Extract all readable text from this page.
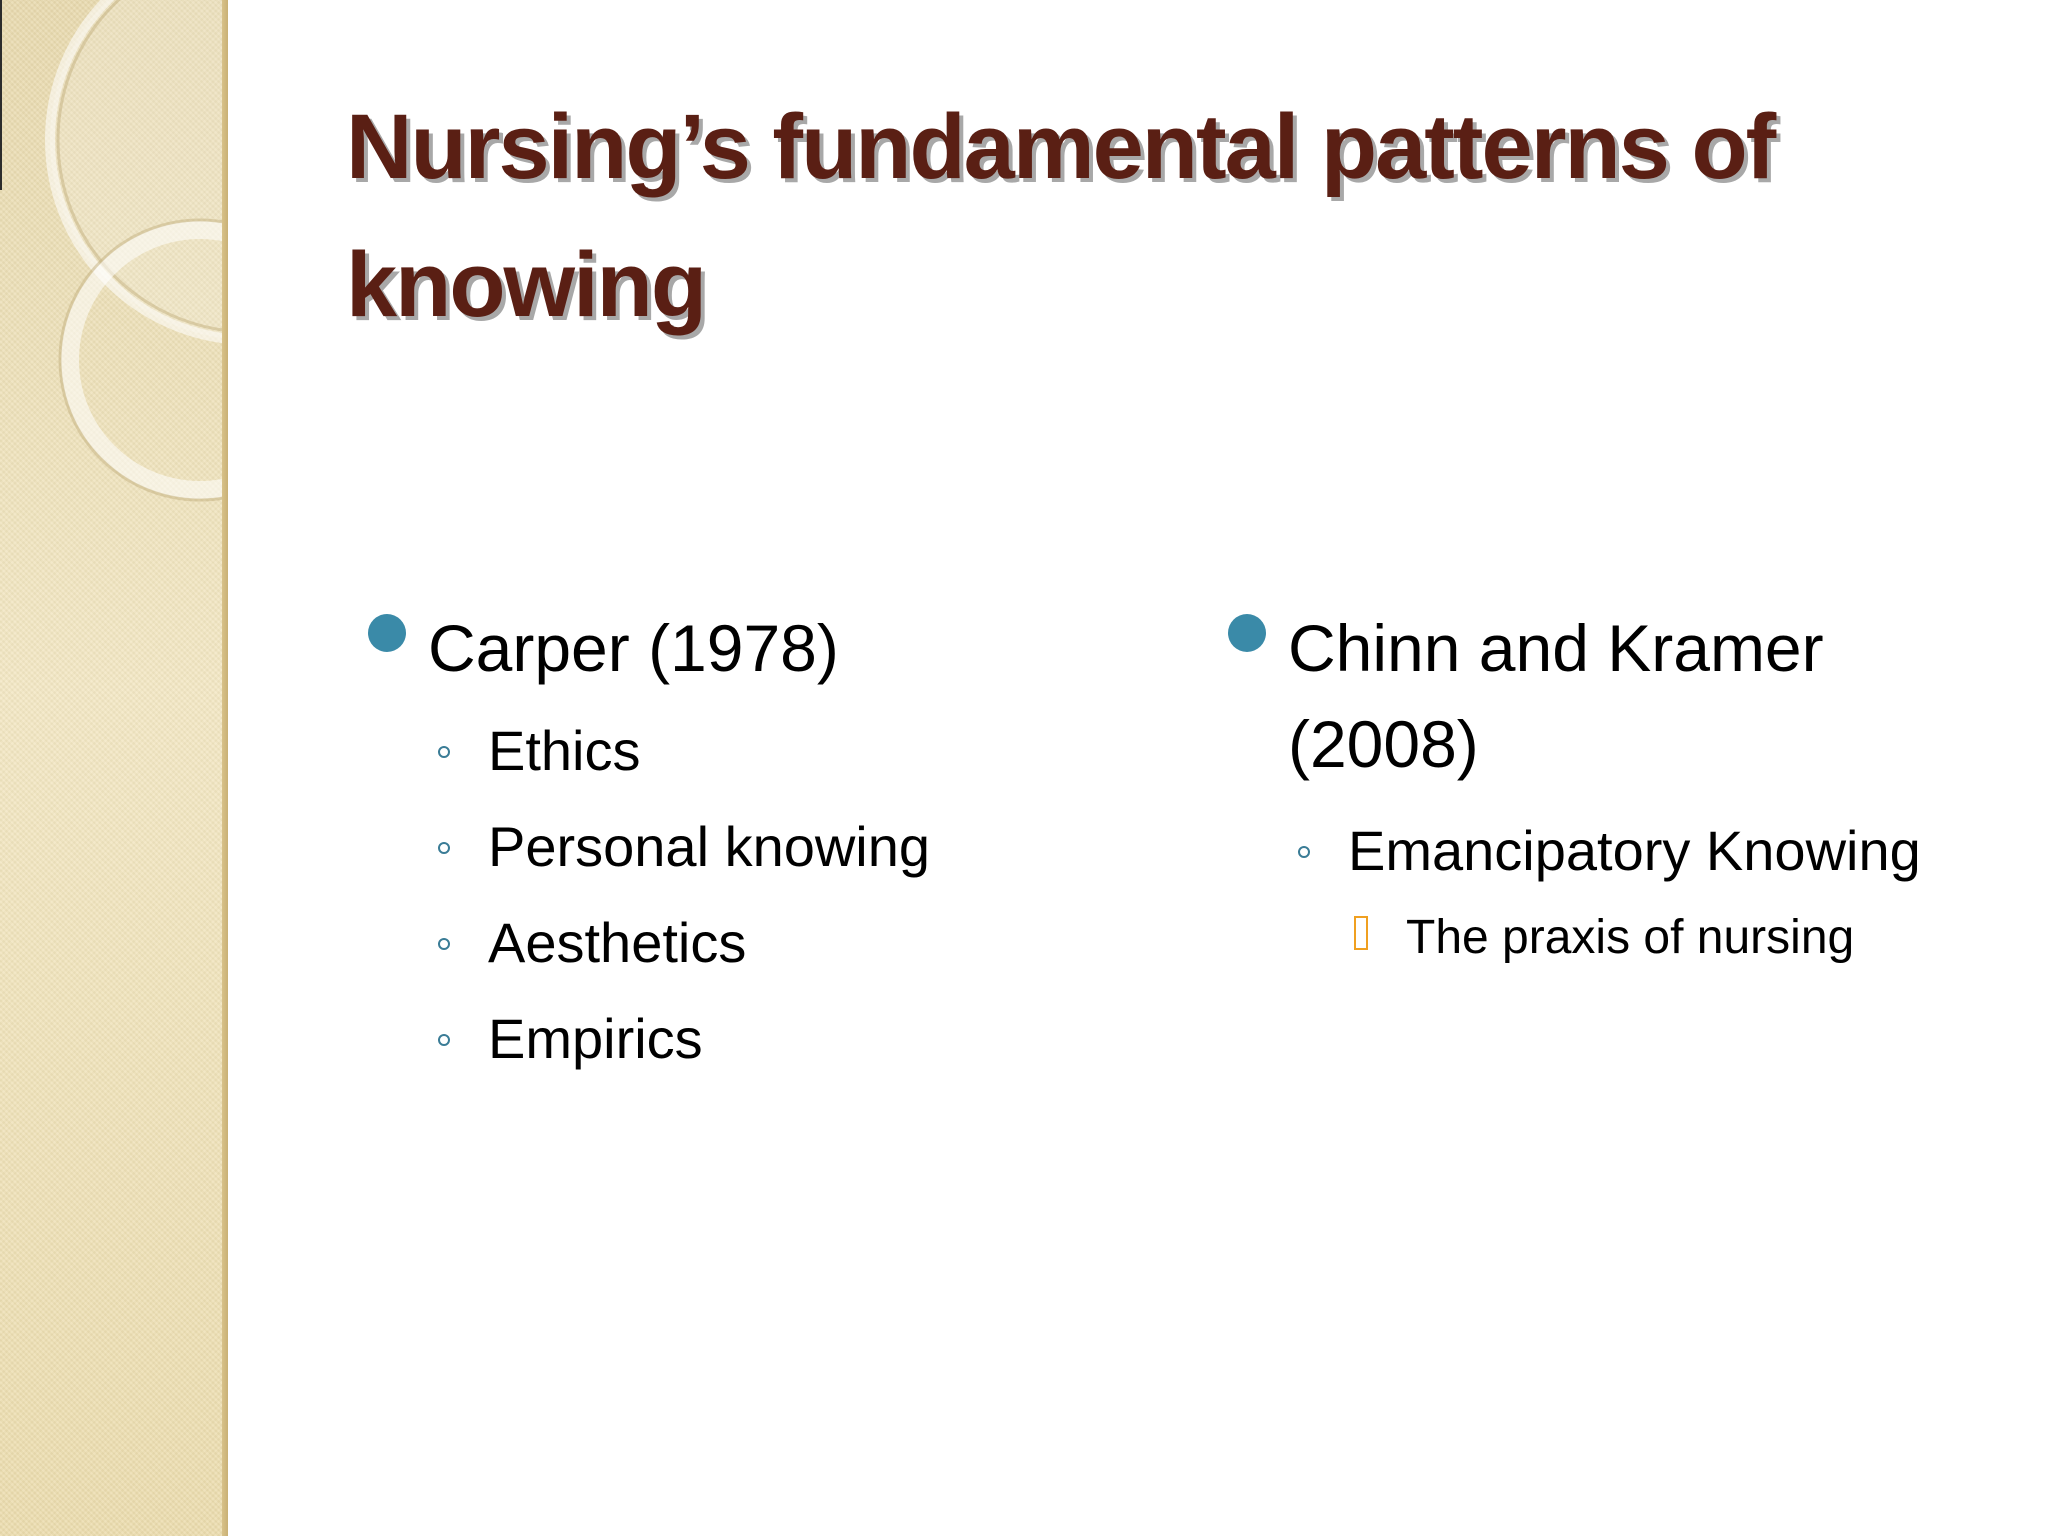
Nursing’s fundamental patterns of knowing

Carper (1978)

Ethics
Personal knowing
Aesthetics
Empirics

Chinn and Kramer (2008)

Emancipatory Knowing
The praxis of nursing
